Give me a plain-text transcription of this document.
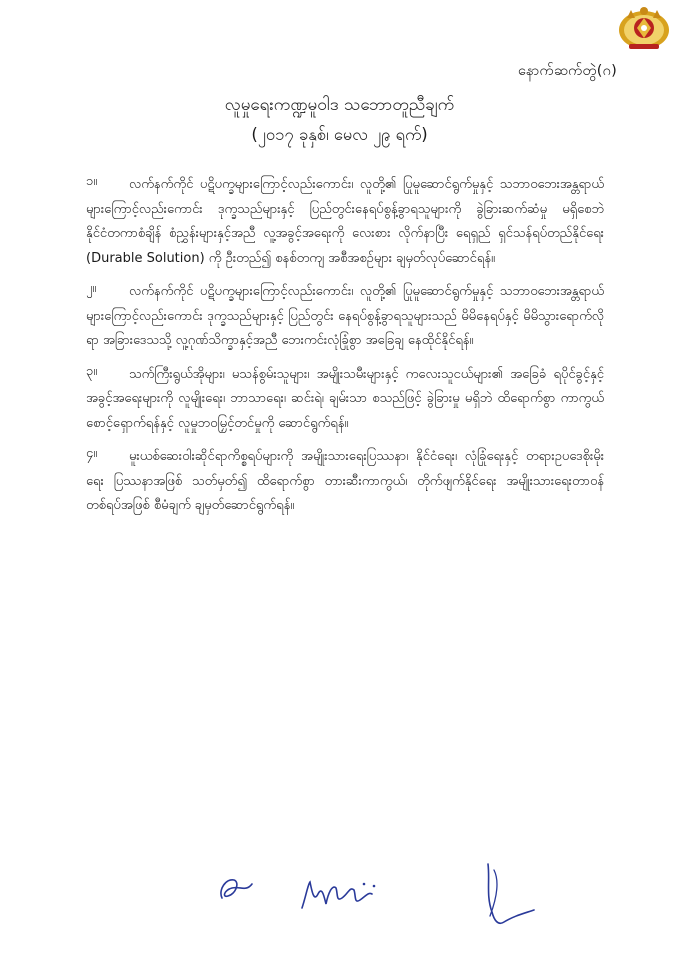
နောက်ဆက်တွဲ(ဂ)
လူမှုရေးကဏ္ဍမူဝါဒ သဘောတူညီချက်
(၂၀၁၇ ခုနှစ်၊ မေလ ၂၉ ရက်)
၁။	လက်နက်ကိုင် ပဋိပက္ခများကြောင့်လည်းကောင်း၊ လူတို့၏ ပြုမူဆောင်ရွက်မှုနှင့် သဘာဝဘေးအန္တရာယ်များကြောင့်လည်းကောင်း ဒုက္ခသည်များနှင့် ပြည်တွင်းနေရပ်စွန့်ခွာရသူများကို ခွဲခြားဆက်ဆံမှု မရှိစေဘဲ နိုင်ငံတကာစံချိန် စံညွှန်းများနှင့်အညီ လူ့အခွင့်အရေးကို လေးစား လိုက်နာပြီး ရေရှည် ရှင်သန်ရပ်တည်နိုင်ရေး (Durable Solution) ကို ဦးတည်၍ စနစ်တကျ အစီအစဉ်များ ချမှတ်လုပ်ဆောင်ရန်။
၂။	လက်နက်ကိုင် ပဋိပက္ခများကြောင့်လည်းကောင်း၊ လူတို့၏ ပြုမူဆောင်ရွက်မှုနှင့် သဘာဝဘေးအန္တရာယ်များကြောင့်လည်းကောင်း ဒုက္ခသည်များနှင့် ပြည်တွင်း နေရပ်စွန့်ခွာရသူများသည် မိမိနေရပ်နှင့် မိမိသွားရောက်လိုရာ အခြားဒေသသို့ လူ့ဂုဏ်သိက္ခာနှင့်အညီ ဘေးကင်းလုံခြုံစွာ အခြေချ နေထိုင်နိုင်ရန်။
၃။	သက်ကြီးရွယ်အိုများ၊ မသန်စွမ်းသူများ၊ အမျိုးသမီးများနှင့် ကလေးသူငယ်များ၏ အခြေခံ ရပိုင်ခွင့်နှင့် အခွင့်အရေးများကို လူမျိုးရေး၊ ဘာသာရေး၊ ဆင်းရဲ၊ ချမ်းသာ စသည်ဖြင့် ခွဲခြားမှု မရှိဘဲ ထိရောက်စွာ ကာကွယ်စောင့်ရှောက်ရန်နှင့် လူမှုဘဝမြှင့်တင်မှုကို ဆောင်ရွက်ရန်။
၄။	မူးယစ်ဆေးဝါးဆိုင်ရာကိစ္စရပ်များကို အမျိုးသားရေးပြဿနာ၊ နိုင်ငံရေး၊ လုံခြုံရေးနှင့် တရားဥပဒေစိုးမိုးရေး ပြဿနာအဖြစ် သတ်မှတ်၍ ထိရောက်စွာ တားဆီးကာကွယ်၊ တိုက်ဖျက်နိုင်ရေး အမျိုးသားရေးတာဝန်တစ်ရပ်အဖြစ် စီမံချက် ချမှတ်ဆောင်ရွက်ရန်။
